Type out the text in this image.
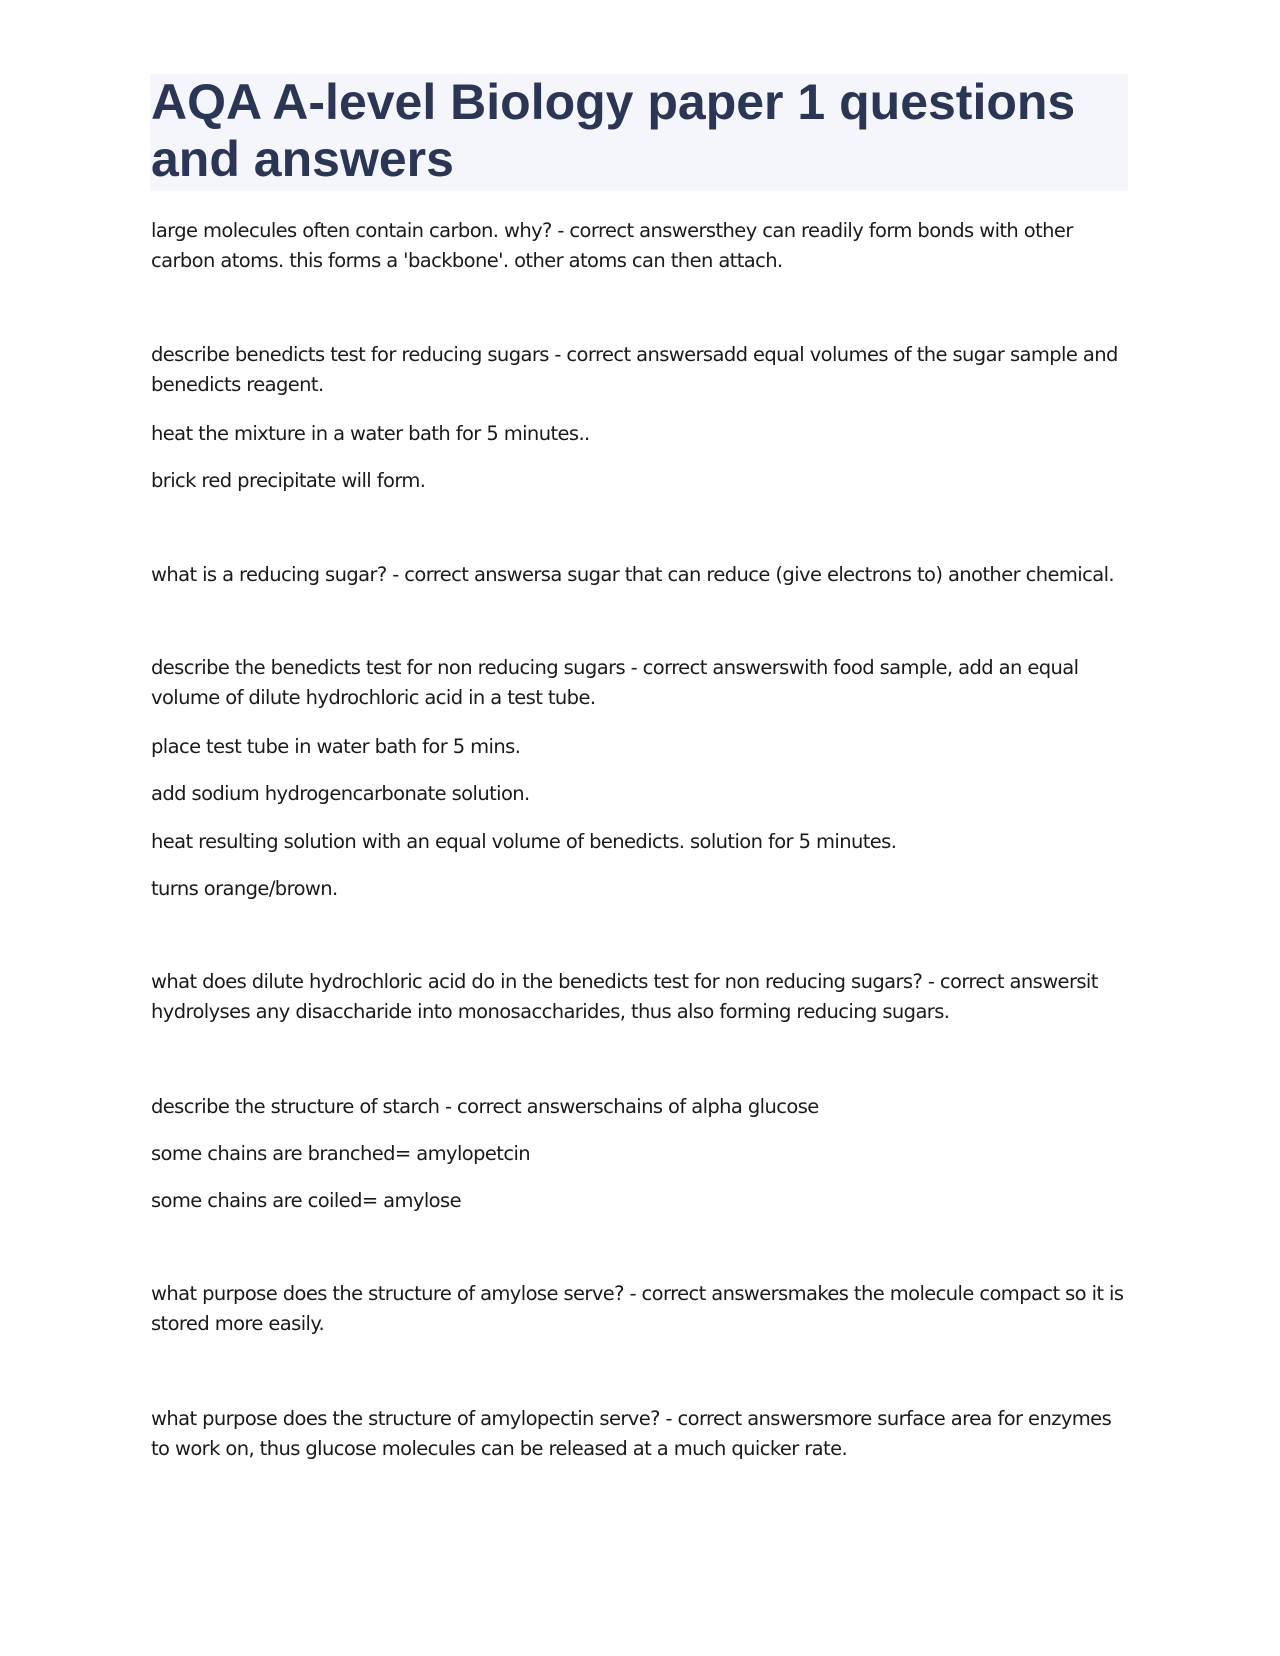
AQA A-level Biology paper 1 questions and answers

large molecules often contain carbon. why? - correct answersthey can readily form bonds with other carbon atoms. this forms a 'backbone'. other atoms can then attach.

describe benedicts test for reducing sugars - correct answersadd equal volumes of the sugar sample and benedicts reagent.

heat the mixture in a water bath for 5 minutes..

brick red precipitate will form.

what is a reducing sugar? - correct answersa sugar that can reduce (give electrons to) another chemical.

describe the benedicts test for non reducing sugars - correct answerswith food sample, add an equal volume of dilute hydrochloric acid in a test tube.

place test tube in water bath for 5 mins.

add sodium hydrogencarbonate solution.

heat resulting solution with an equal volume of benedicts. solution for 5 minutes.

turns orange/brown.

what does dilute hydrochloric acid do in the benedicts test for non reducing sugars? - correct answersit hydrolyses any disaccharide into monosaccharides, thus also forming reducing sugars.

describe the structure of starch - correct answerschains of alpha glucose

some chains are branched= amylopetcin

some chains are coiled= amylose

what purpose does the structure of amylose serve? - correct answersmakes the molecule compact so it is stored more easily.

what purpose does the structure of amylopectin serve? - correct answersmore surface area for enzymes to work on, thus glucose molecules can be released at a much quicker rate.
